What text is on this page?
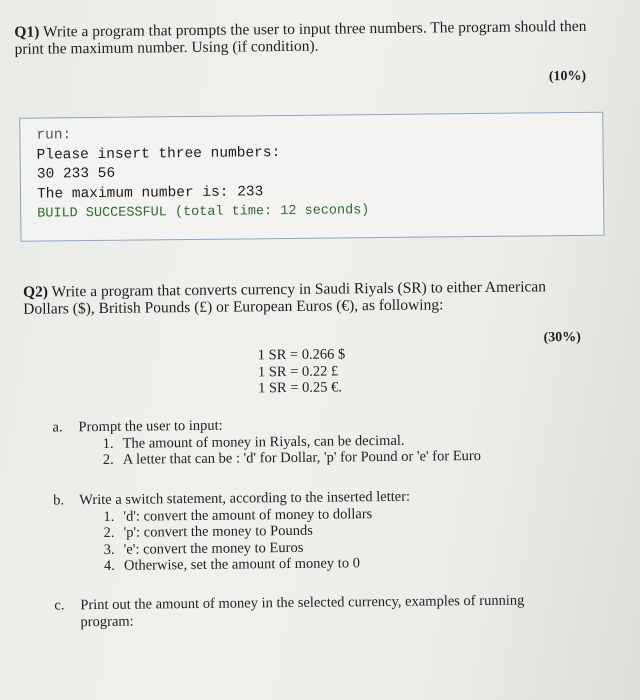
Q1) Write a program that prompts the user to input three numbers. The program should then print the maximum number. Using (if condition).

(10%)
run:
Please insert three numbers:
30 233 56
The maximum number is: 233
BUILD SUCCESSFUL (total time: 12 seconds)

Q2) Write a program that converts currency in Saudi Riyals (SR) to either American Dollars ($), British Pounds (£) or European Euros (€), as following:

(30%)
1 SR = 0.266 $
1 SR = 0.22 £
1 SR = 0.25 €.
a.	Prompt the user to input:
1. The amount of money in Riyals, can be decimal.
2. A letter that can be : 'd' for Dollar, 'p' for Pound or 'e' for Euro
b.	Write a switch statement, according to the inserted letter:
1. 'd': convert the amount of money to dollars
2. 'p': convert the money to Pounds
3. 'e': convert the money to Euros
4. Otherwise, set the amount of money to 0
c.	Print out the amount of money in the selected currency, examples of running program:
